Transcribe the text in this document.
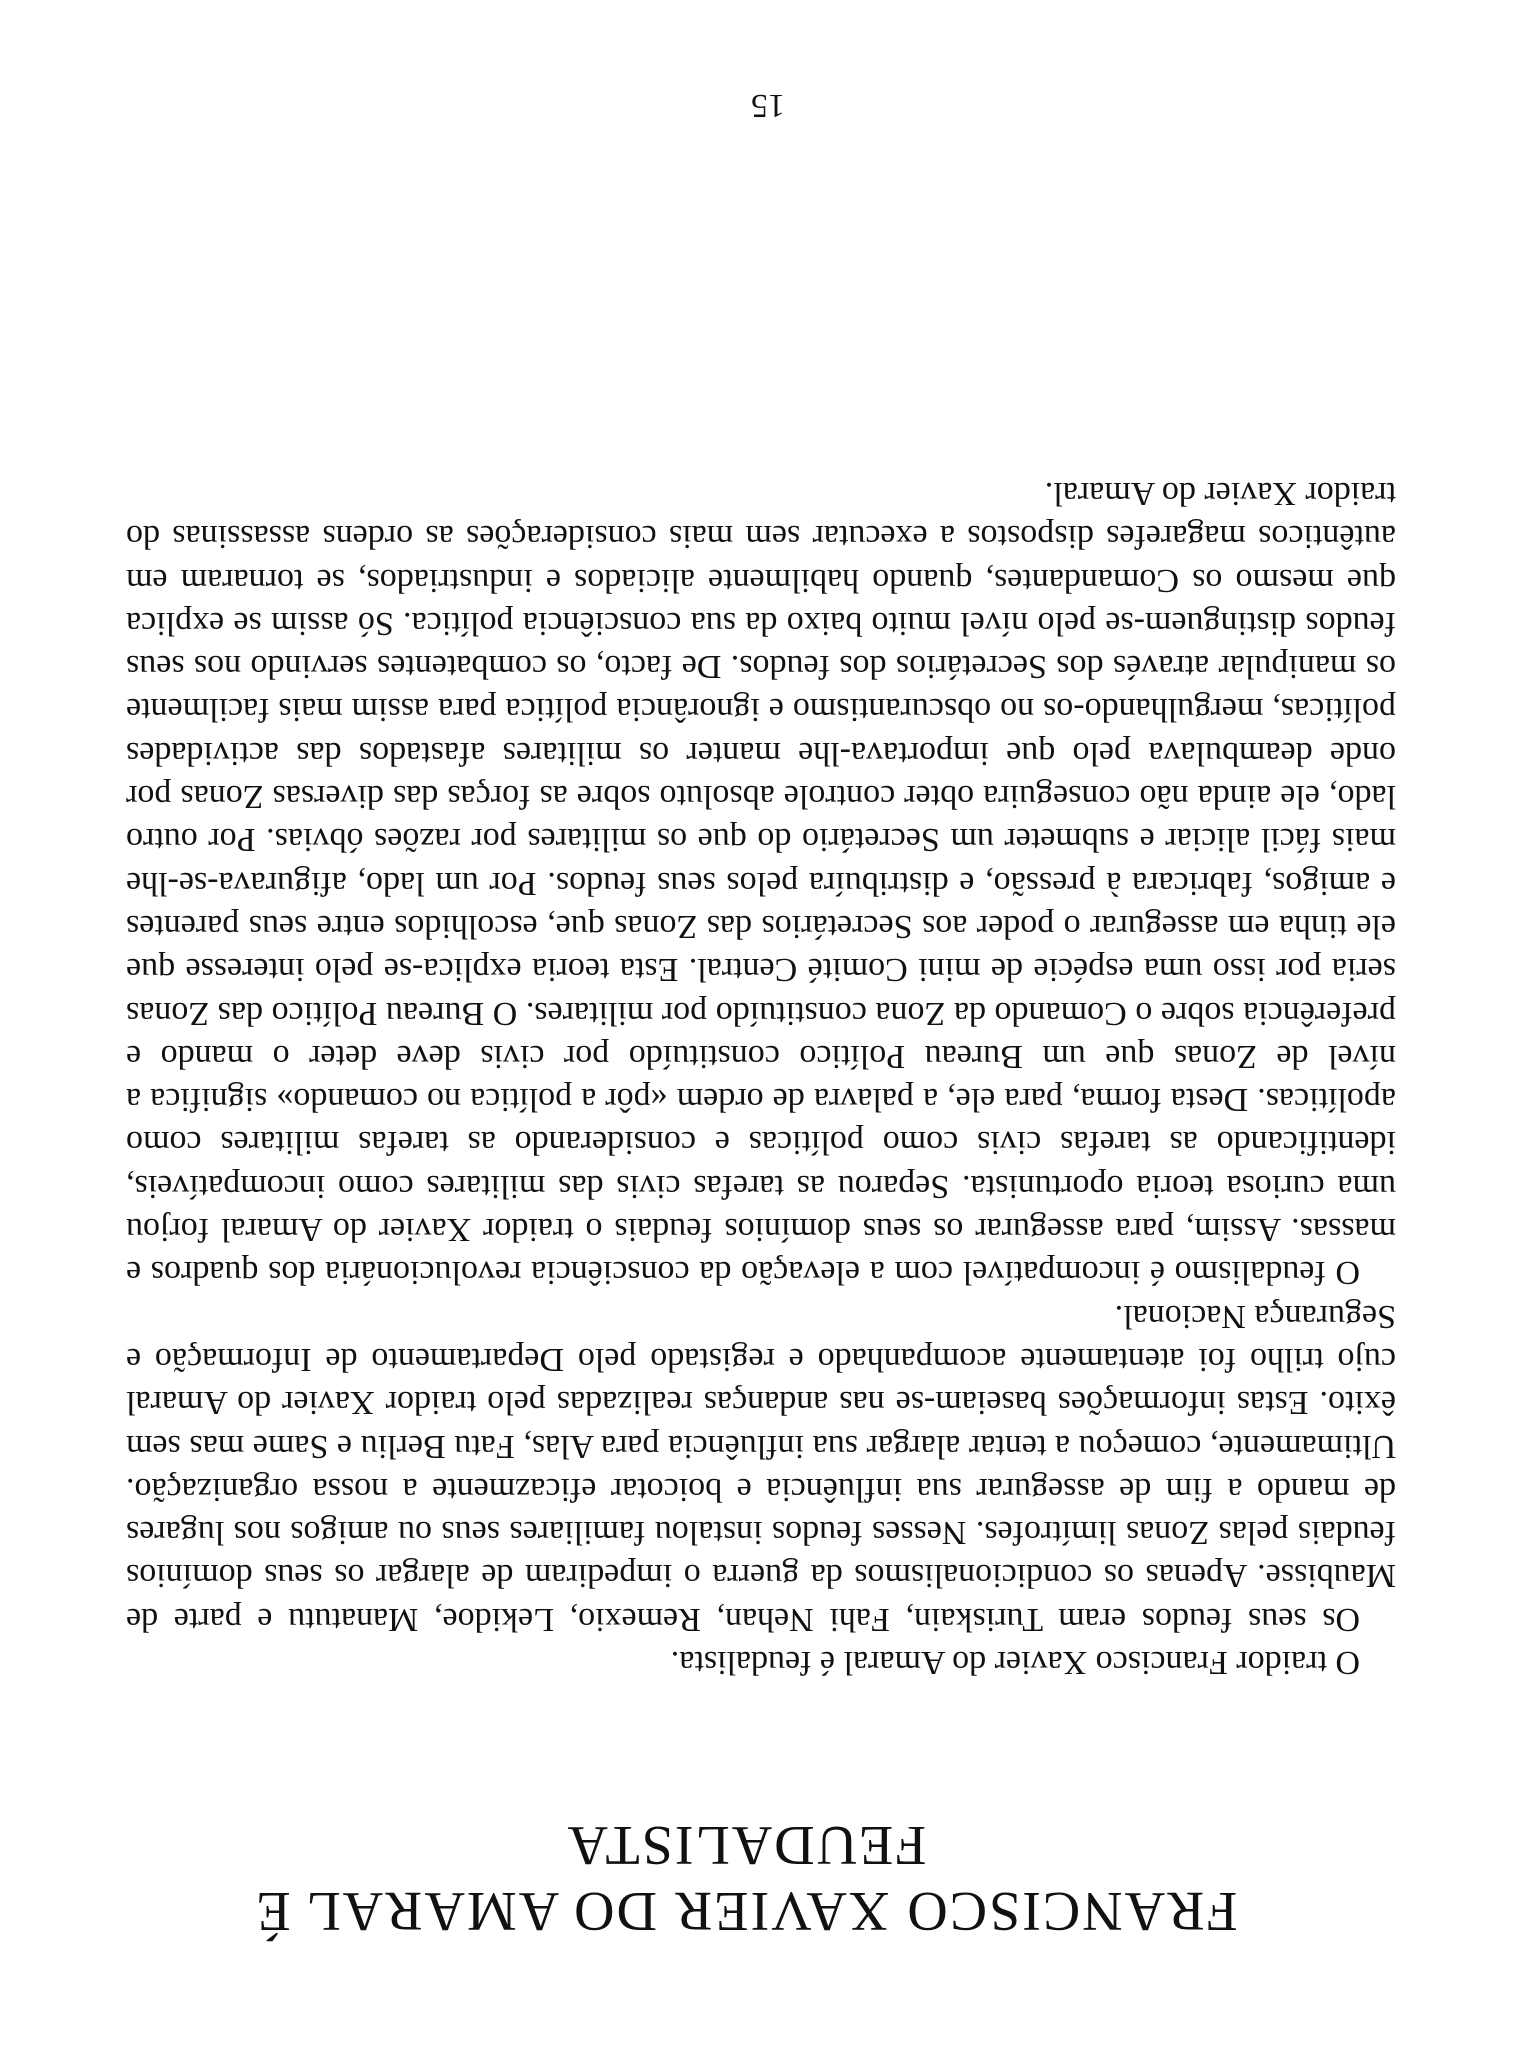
FRANCISCO XAVIER DO AMARAL É
FEUDALISTA

O traidor Francisco Xavier do Amaral é feudalista.

Os seus feudos eram Turiskain, Fahi Nehan, Remexio, Lekidoe, Manatutu e parte de Maubisse. Apenas os condicionalismos da guerra o impediram de alargar os seus domínios feudais pelas Zonas limítrofes. Nesses feudos instalou familiares seus ou amigos nos lugares de mando a fim de assegurar sua influência e boicotar eficazmente a nossa organização. Ultimamente, começou a tentar alargar sua influência para Alas, Fatu Berliu e Same mas sem êxito. Estas informações baseiam-se nas andanças realizadas pelo traidor Xavier do Amaral cujo trilho foi atentamente acompanhado e registado pelo Departamento de Informação e Segurança Nacional.

O feudalismo é incompatível com a elevação da consciência revolucionária dos quadros e massas. Assim, para assegurar os seus domínios feudais o traidor Xavier do Amaral forjou uma curiosa teoria oportunista. Separou as tarefas civis das militares como incompatíveis, identificando as tarefas civis como políticas e considerando as tarefas militares como apolíticas. Desta forma, para ele, a palavra de ordem «pôr a política no comando» significa a nível de Zonas que um Bureau Político constituído por civis deve deter o mando e preferência sobre o Comando da Zona constituído por militares. O Bureau Político das Zonas seria por isso uma espécie de mini Comité Central. Esta teoria explica-se pelo interesse que ele tinha em assegurar o poder aos Secretários das Zonas que, escolhidos entre seus parentes e amigos, fabricara à pressão, e distribuíra pelos seus feudos. Por um lado, afigurava-se-lhe mais fácil aliciar e submeter um Secretário do que os militares por razões óbvias. Por outro lado, ele ainda não conseguira obter controle absoluto sobre as forças das diversas Zonas por onde deambulava pelo que importava-lhe manter os militares afastados das actividades políticas, mergulhando-os no obscurantismo e ignorância política para assim mais facilmente os manipular através dos Secretários dos feudos. De facto, os combatentes servindo nos seus feudos distinguem-se pelo nível muito baixo da sua consciência política. Só assim se explica que mesmo os Comandantes, quando habilmente aliciados e industriados, se tornaram em autênticos magarefes dispostos a executar sem mais considerações as ordens assassinas do traidor Xavier do Amaral.

15
